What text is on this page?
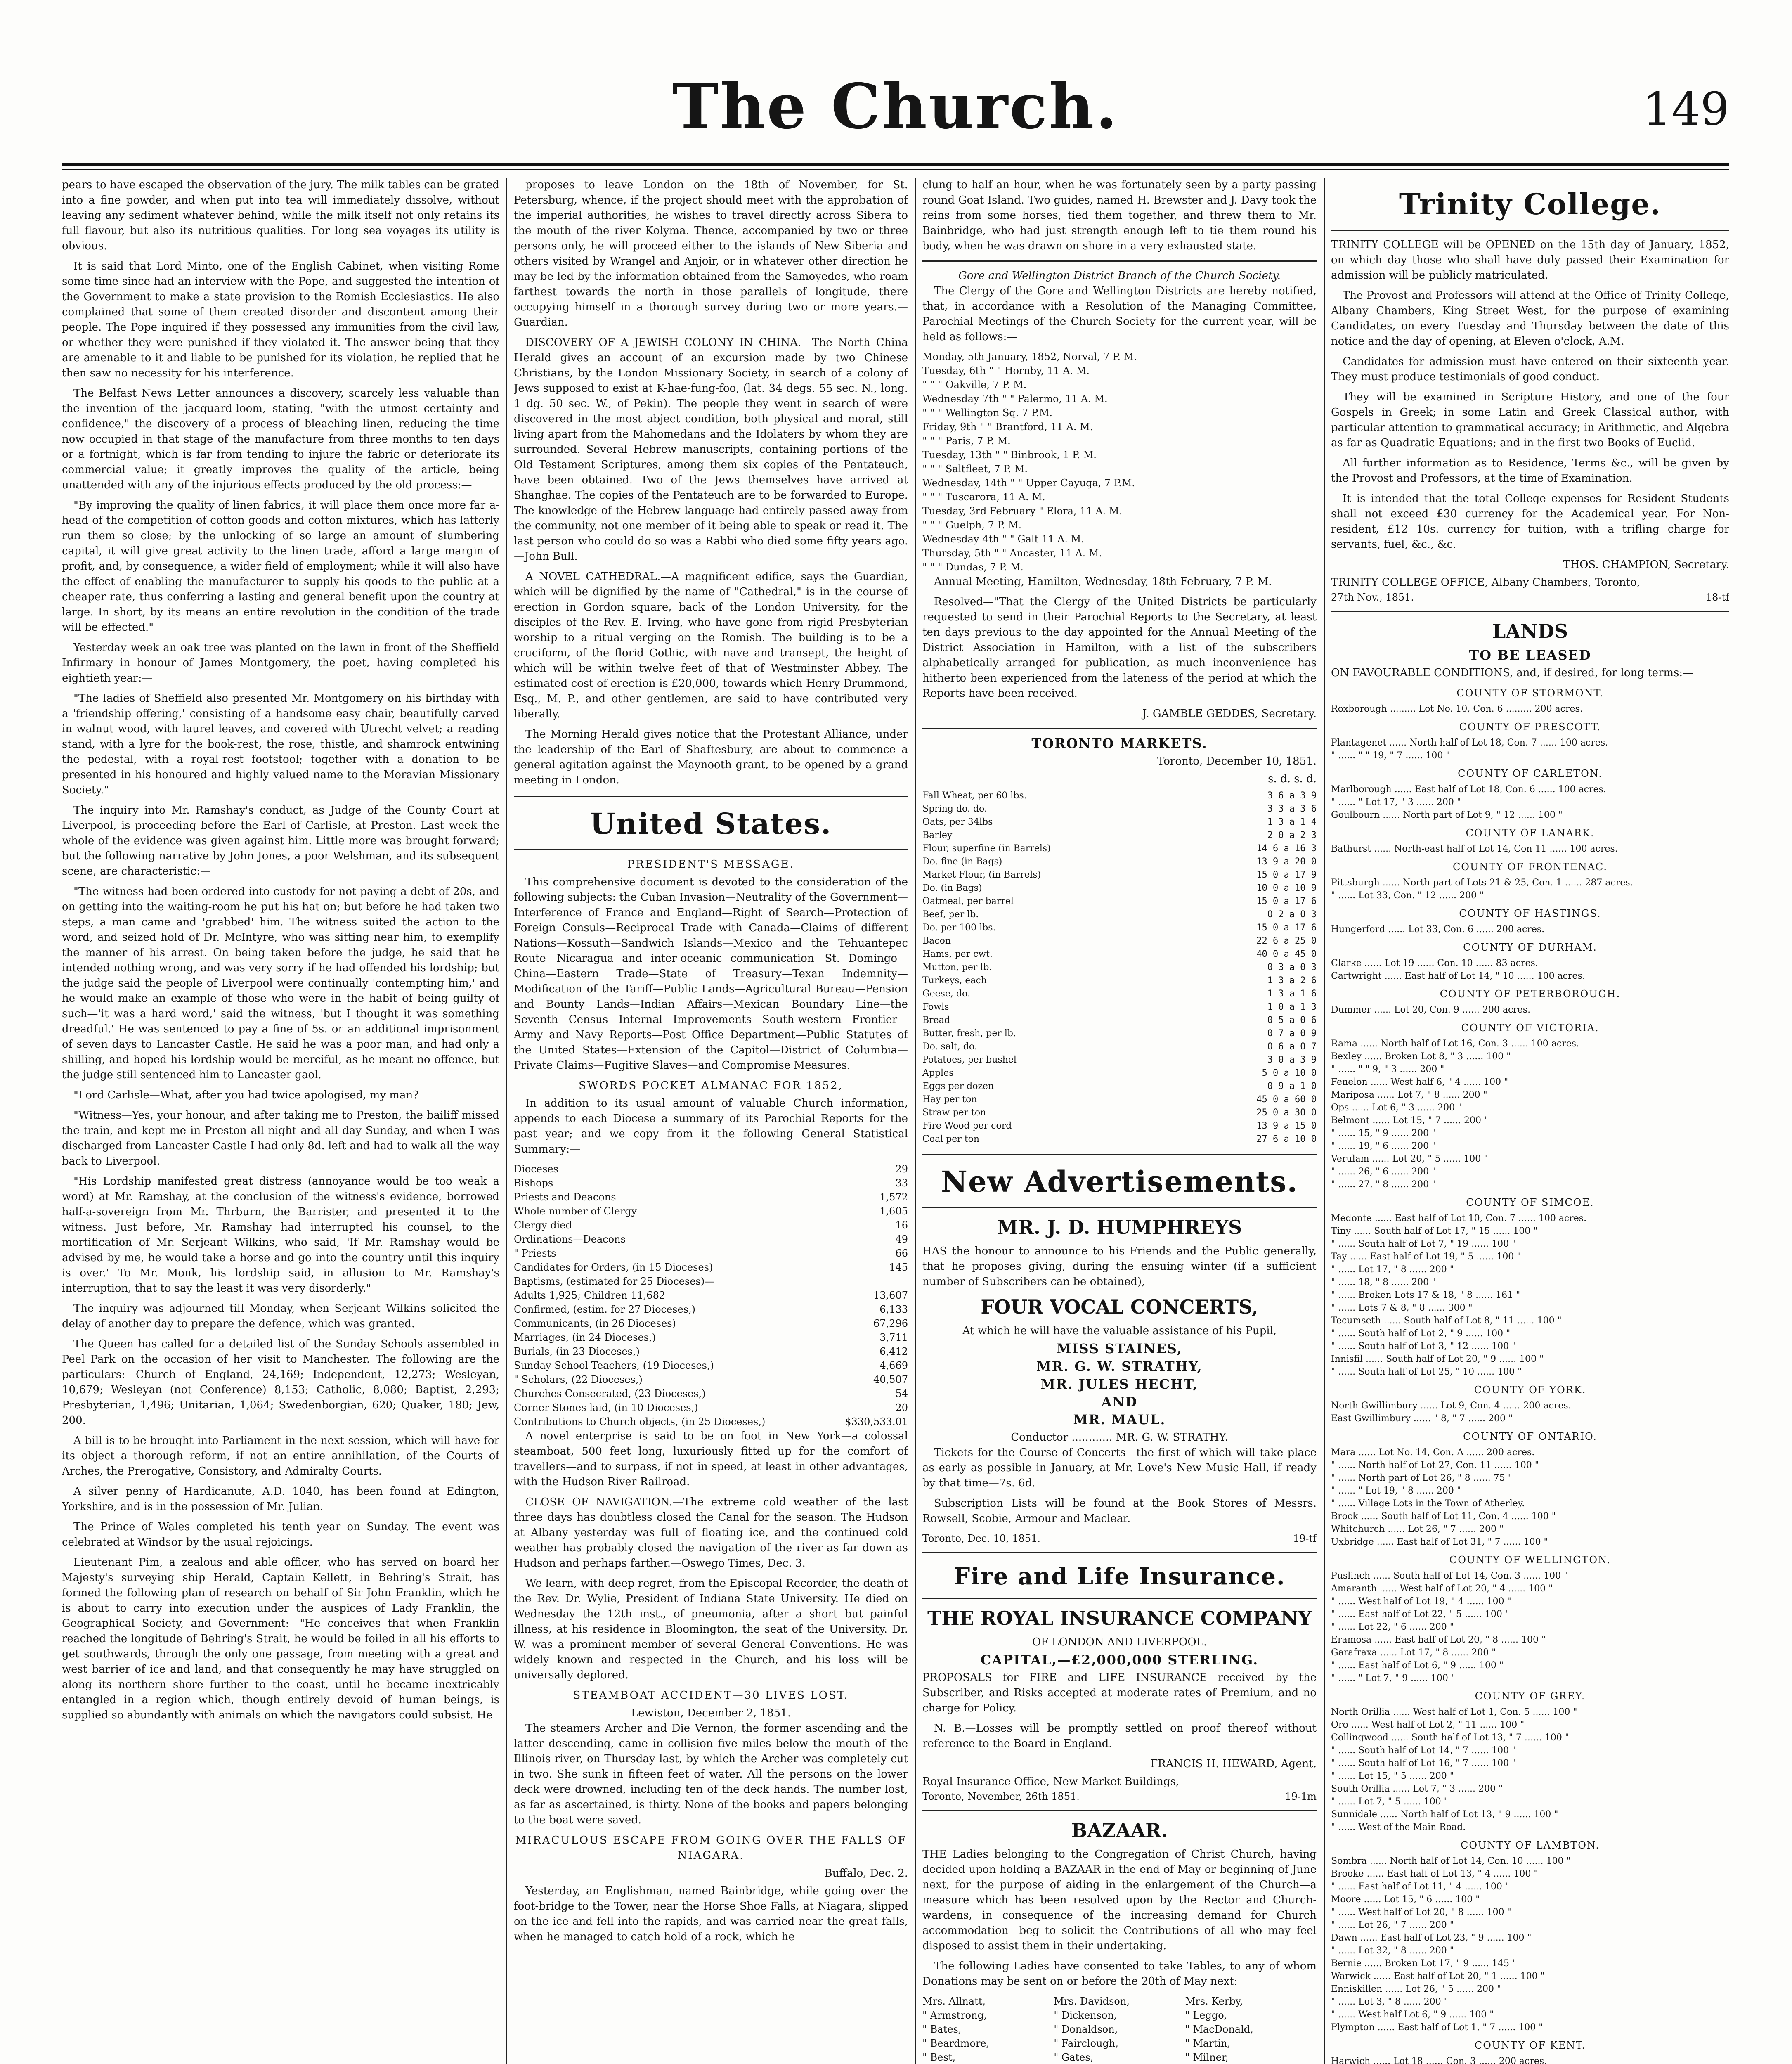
The Church.	149

pears to have escaped the observation of the jury. The milk tables can be grated into a fine powder, and when put into tea will immediately dissolve, without leaving any sediment whatever behind, while the milk itself not only retains its full flavour, but also its nutritious qualities. For long sea voyages its utility is obvious.

It is said that Lord Minto, one of the English Cabinet, when visiting Rome some time since had an interview with the Pope, and suggested the intention of the Government to make a state provision to the Romish Ecclesiastics. He also complained that some of them created disorder and discontent among their people. The Pope inquired if they possessed any immunities from the civil law, or whether they were punished if they violated it. The answer being that they are amenable to it and liable to be punished for its violation, he replied that he then saw no necessity for his interference.

The Belfast News Letter announces a discovery, scarcely less valuable than the invention of the jacquard-loom, stating, "with the utmost certainty and confidence," the discovery of a process of bleaching linen, reducing the time now occupied in that stage of the manufacture from three months to ten days or a fortnight, which is far from tending to injure the fabric or deteriorate its commercial value; it greatly improves the quality of the article, being unattended with any of the injurious effects produced by the old process:—

"By improving the quality of linen fabrics, it will place them once more far a-head of the competition of cotton goods and cotton mixtures, which has latterly run them so close; by the unlocking of so large an amount of slumbering capital, it will give great activity to the linen trade, afford a large margin of profit, and, by consequence, a wider field of employment; while it will also have the effect of enabling the manufacturer to supply his goods to the public at a cheaper rate, thus conferring a lasting and general benefit upon the country at large. In short, by its means an entire revolution in the condition of the trade will be effected."

Yesterday week an oak tree was planted on the lawn in front of the Sheffield Infirmary in honour of James Montgomery, the poet, having completed his eightieth year:—

"The ladies of Sheffield also presented Mr. Montgomery on his birthday with a 'friendship offering,' consisting of a handsome easy chair, beautifully carved in walnut wood, with laurel leaves, and covered with Utrecht velvet; a reading stand, with a lyre for the book-rest, the rose, thistle, and shamrock entwining the pedestal, with a royal-rest footstool; together with a donation to be presented in his honoured and highly valued name to the Moravian Missionary Society."

The inquiry into Mr. Ramshay's conduct, as Judge of the County Court at Liverpool, is proceeding before the Earl of Carlisle, at Preston. Last week the whole of the evidence was given against him. Little more was brought forward; but the following narrative by John Jones, a poor Welshman, and its subsequent scene, are characteristic:—

"The witness had been ordered into custody for not paying a debt of 20s, and on getting into the waiting-room he put his hat on; but before he had taken two steps, a man came and 'grabbed' him. The witness suited the action to the word, and seized hold of Dr. McIntyre, who was sitting near him, to exemplify the manner of his arrest. On being taken before the judge, he said that he intended nothing wrong, and was very sorry if he had offended his lordship; but the judge said the people of Liverpool were continually 'contempting him,' and he would make an example of those who were in the habit of being guilty of such—'it was a hard word,' said the witness, 'but I thought it was something dreadful.' He was sentenced to pay a fine of 5s. or an additional imprisonment of seven days to Lancaster Castle. He said he was a poor man, and had only a shilling, and hoped his lordship would be merciful, as he meant no offence, but the judge still sentenced him to Lancaster gaol.

"Lord Carlisle—What, after you had twice apologised, my man?

"Witness—Yes, your honour, and after taking me to Preston, the bailiff missed the train, and kept me in Preston all night and all day Sunday, and when I was discharged from Lancaster Castle I had only 8d. left and had to walk all the way back to Liverpool.

"His Lordship manifested great distress (annoyance would be too weak a word) at Mr. Ramshay, at the conclusion of the witness's evidence, borrowed half-a-sovereign from Mr. Thrburn, the Barrister, and presented it to the witness. Just before, Mr. Ramshay had interrupted his counsel, to the mortification of Mr. Serjeant Wilkins, who said, 'If Mr. Ramshay would be advised by me, he would take a horse and go into the country until this inquiry is over.' To Mr. Monk, his lordship said, in allusion to Mr. Ramshay's interruption, that to say the least it was very disorderly."

The inquiry was adjourned till Monday, when Serjeant Wilkins solicited the delay of another day to prepare the defence, which was granted.

The Queen has called for a detailed list of the Sunday Schools assembled in Peel Park on the occasion of her visit to Manchester. The following are the particulars:—Church of England, 24,169; Independent, 12,273; Wesleyan, 10,679; Wesleyan (not Conference) 8,153; Catholic, 8,080; Baptist, 2,293; Presbyterian, 1,496; Unitarian, 1,064; Swedenborgian, 620; Quaker, 180; Jew, 200.

A bill is to be brought into Parliament in the next session, which will have for its object a thorough reform, if not an entire annihilation, of the Courts of Arches, the Prerogative, Consistory, and Admiralty Courts.

A silver penny of Hardicanute, A.D. 1040, has been found at Edington, Yorkshire, and is in the possession of Mr. Julian.

The Prince of Wales completed his tenth year on Sunday. The event was celebrated at Windsor by the usual rejoicings.

Lieutenant Pim, a zealous and able officer, who has served on board her Majesty's surveying ship Herald, Captain Kellett, in Behring's Strait, has formed the following plan of research on behalf of Sir John Franklin, which he is about to carry into execution under the auspices of Lady Franklin, the Geographical Society, and Government:—"He conceives that when Franklin reached the longitude of Behring's Strait, he would be foiled in all his efforts to get southwards, through the only one passage, from meeting with a great and west barrier of ice and land, and that consequently he may have struggled on along its northern shore further to the coast, until he became inextricably entangled in a region which, though entirely devoid of human beings, is supplied so abundantly with animals on which the navigators could subsist. He

proposes to leave London on the 18th of November, for St. Petersburg, whence, if the project should meet with the approbation of the imperial authorities, he wishes to travel directly across Sibera to the mouth of the river Kolyma. Thence, accompanied by two or three persons only, he will proceed either to the islands of New Siberia and others visited by Wrangel and Anjoir, or in whatever other direction he may be led by the information obtained from the Samoyedes, who roam farthest towards the north in those parallels of longitude, there occupying himself in a thorough survey during two or more years.—Guardian.

DISCOVERY OF A JEWISH COLONY IN CHINA.—The North China Herald gives an account of an excursion made by two Chinese Christians, by the London Missionary Society, in search of a colony of Jews supposed to exist at K-hae-fung-foo, (lat. 34 degs. 55 sec. N., long. 1 dg. 50 sec. W., of Pekin). The people they went in search of were discovered in the most abject condition, both physical and moral, still living apart from the Mahomedans and the Idolaters by whom they are surrounded. Several Hebrew manuscripts, containing portions of the Old Testament Scriptures, among them six copies of the Pentateuch, have been obtained. Two of the Jews themselves have arrived at Shanghae. The copies of the Pentateuch are to be forwarded to Europe. The knowledge of the Hebrew language had entirely passed away from the community, not one member of it being able to speak or read it. The last person who could do so was a Rabbi who died some fifty years ago.—John Bull.

A NOVEL CATHEDRAL.—A magnificent edifice, says the Guardian, which will be dignified by the name of "Cathedral," is in the course of erection in Gordon square, back of the London University, for the disciples of the Rev. E. Irving, who have gone from rigid Presbyterian worship to a ritual verging on the Romish. The building is to be a cruciform, of the florid Gothic, with nave and transept, the height of which will be within twelve feet of that of Westminster Abbey. The estimated cost of erection is £20,000, towards which Henry Drummond, Esq., M. P., and other gentlemen, are said to have contributed very liberally.

The Morning Herald gives notice that the Protestant Alliance, under the leadership of the Earl of Shaftesbury, are about to commence a general agitation against the Maynooth grant, to be opened by a grand meeting in London.

United States.
PRESIDENT'S MESSAGE.

This comprehensive document is devoted to the consideration of the following subjects: the Cuban Invasion—Neutrality of the Government—Interference of France and England—Right of Search—Protection of Foreign Consuls—Reciprocal Trade with Canada—Claims of different Nations—Kossuth—Sandwich Islands—Mexico and the Tehuantepec Route—Nicaragua and inter-oceanic communication—St. Domingo—China—Eastern Trade—State of Treasury—Texan Indemnity—Modification of the Tariff—Public Lands—Agricultural Bureau—Pension and Bounty Lands—Indian Affairs—Mexican Boundary Line—the Seventh Census—Internal Improvements—South-western Frontier—Army and Navy Reports—Post Office Department—Public Statutes of the United States—Extension of the Capitol—District of Columbia—Private Claims—Fugitive Slaves—and Compromise Measures.

SWORDS POCKET ALMANAC FOR 1852,

In addition to its usual amount of valuable Church information, appends to each Diocese a summary of its Parochial Reports for the past year; and we copy from it the following General Statistical Summary:—

Dioceses	29
Bishops	33
Priests and Deacons	1,572
Whole number of Clergy	1,605
Clergy died	16
Ordinations—Deacons	49
" Priests	66
Candidates for Orders, (in 15 Dioceses)	145
Baptisms, (estimated for 25 Dioceses)—
Adults 1,925; Children 11,682	13,607
Confirmed, (estim. for 27 Dioceses,)	6,133
Communicants, (in 26 Dioceses)	67,296
Marriages, (in 24 Dioceses,)	3,711
Burials, (in 23 Dioceses,)	6,412
Sunday School Teachers, (19 Dioceses,)	4,669
" Scholars, (22 Dioceses,)	40,507
Churches Consecrated, (23 Dioceses,)	54
Corner Stones laid, (in 10 Dioceses,)	20
Contributions to Church objects, (in 25 Dioceses,)	$330,533.01

A novel enterprise is said to be on foot in New York—a colossal steamboat, 500 feet long, luxuriously fitted up for the comfort of travellers—and to surpass, if not in speed, at least in other advantages, with the Hudson River Railroad.

CLOSE OF NAVIGATION.—The extreme cold weather of the last three days has doubtless closed the Canal for the season. The Hudson at Albany yesterday was full of floating ice, and the continued cold weather has probably closed the navigation of the river as far down as Hudson and perhaps farther.—Oswego Times, Dec. 3.

We learn, with deep regret, from the Episcopal Recorder, the death of the Rev. Dr. Wylie, President of Indiana State University. He died on Wednesday the 12th inst., of pneumonia, after a short but painful illness, at his residence in Bloomington, the seat of the University. Dr. W. was a prominent member of several General Conventions. He was widely known and respected in the Church, and his loss will be universally deplored.

STEAMBOAT ACCIDENT—30 LIVES LOST.
Lewiston, December 2, 1851.

The steamers Archer and Die Vernon, the former ascending and the latter descending, came in collision five miles below the mouth of the Illinois river, on Thursday last, by which the Archer was completely cut in two. She sunk in fifteen feet of water. All the persons on the lower deck were drowned, including ten of the deck hands. The number lost, as far as ascertained, is thirty. None of the books and papers belonging to the boat were saved.

MIRACULOUS ESCAPE FROM GOING OVER THE FALLS OF NIAGARA.
Buffalo, Dec. 2.

Yesterday, an Englishman, named Bainbridge, while going over the foot-bridge to the Tower, near the Horse Shoe Falls, at Niagara, slipped on the ice and fell into the rapids, and was carried near the great falls, when he managed to catch hold of a rock, which he

clung to half an hour, when he was fortunately seen by a party passing round Goat Island. Two guides, named H. Brewster and J. Davy took the reins from some horses, tied them together, and threw them to Mr. Bainbridge, who had just strength enough left to tie them round his body, when he was drawn on shore in a very exhausted state.

Gore and Wellington District Branch of the Church Society.

The Clergy of the Gore and Wellington Districts are hereby notified, that, in accordance with a Resolution of the Managing Committee, Parochial Meetings of the Church Society for the current year, will be held as follows:—

Monday, 5th January, 1852, Norval, 7 P. M.
Tuesday, 6th " " Hornby, 11 A. M.
" " " Oakville, 7 P. M.
Wednesday 7th " " Palermo, 11 A. M.
" " " Wellington Sq. 7 P.M.
Friday, 9th " " Brantford, 11 A. M.
" " " Paris, 7 P. M.
Tuesday, 13th " " Binbrook, 1 P. M.
" " " Saltfleet, 7 P. M.
Wednesday, 14th " " Upper Cayuga, 7 P.M.
" " " Tuscarora, 11 A. M.
Tuesday, 3rd February " Elora, 11 A. M.
" " " Guelph, 7 P. M.
Wednesday 4th " " Galt 11 A. M.
Thursday, 5th " " Ancaster, 11 A. M.
" " " Dundas, 7 P. M.

Annual Meeting, Hamilton, Wednesday, 18th February, 7 P. M.

Resolved—"That the Clergy of the United Districts be particularly requested to send in their Parochial Reports to the Secretary, at least ten days previous to the day appointed for the Annual Meeting of the District Association in Hamilton, with a list of the subscribers alphabetically arranged for publication, as much inconvenience has hitherto been experienced from the lateness of the period at which the Reports have been received.

J. GAMBLE GEDDES, Secretary.
TORONTO MARKETS.
Toronto, December 10, 1851.
s. d. s. d.
Fall Wheat, per 60 lbs.	3 6 a 3 9
Spring do. do.	3 3 a 3 6
Oats, per 34lbs	1 3 a 1 4
Barley	2 0 a 2 3
Flour, superfine (in Barrels)	14 6 a 16 3
Do. fine (in Bags)	13 9 a 20 0
Market Flour, (in Barrels)	15 0 a 17 9
Do. (in Bags)	10 0 a 10 9
Oatmeal, per barrel	15 0 a 17 6
Beef, per lb.	0 2 a 0 3
Do. per 100 lbs.	15 0 a 17 6
Bacon	22 6 a 25 0
Hams, per cwt.	40 0 a 45 0
Mutton, per lb.	0 3 a 0 3
Turkeys, each	1 3 a 2 6
Geese, do.	1 3 a 1 6
Fowls	1 0 a 1 3
Bread	0 5 a 0 6
Butter, fresh, per lb.	0 7 a 0 9
Do. salt, do.	0 6 a 0 7
Potatoes, per bushel	3 0 a 3 9
Apples	5 0 a 10 0
Eggs per dozen	0 9 a 1 0
Hay per ton	45 0 a 60 0
Straw per ton	25 0 a 30 0
Fire Wood per cord	13 9 a 15 0
Coal per ton	27 6 a 10 0
New Advertisements.
MR. J. D. HUMPHREYS

HAS the honour to announce to his Friends and the Public generally, that he proposes giving, during the ensuing winter (if a sufficient number of Subscribers can be obtained),

FOUR VOCAL CONCERTS,
At which he will have the valuable assistance of his Pupil,
MISS STAINES,
MR. G. W. STRATHY,
MR. JULES HECHT,
AND
MR. MAUL.
Conductor ............ MR. G. W. STRATHY.

Tickets for the Course of Concerts—the first of which will take place as early as possible in January, at Mr. Love's New Music Hall, if ready by that time—7s. 6d.

Subscription Lists will be found at the Book Stores of Messrs. Rowsell, Scobie, Armour and Maclear.

Toronto, Dec. 10, 1851.	19-tf
Fire and Life Insurance.
THE ROYAL INSURANCE COMPANY
OF LONDON AND LIVERPOOL.
CAPITAL,—£2,000,000 STERLING.

PROPOSALS for FIRE and LIFE INSURANCE received by the Subscriber, and Risks accepted at moderate rates of Premium, and no charge for Policy.

N. B.—Losses will be promptly settled on proof thereof without reference to the Board in England.

FRANCIS H. HEWARD, Agent.
Royal Insurance Office, New Market Buildings,
Toronto, November, 26th 1851.	19-1m
BAZAAR.

THE Ladies belonging to the Congregation of Christ Church, having decided upon holding a BAZAAR in the end of May or beginning of June next, for the purpose of aiding in the enlargement of the Church—a measure which has been resolved upon by the Rector and Church-wardens, in consequence of the increasing demand for Church accommodation—beg to solicit the Contributions of all who may feel disposed to assist them in their undertaking.

The following Ladies have consented to take Tables, to any of whom Donations may be sent on or before the 20th of May next:

Mrs. Allnatt,	Mrs. Davidson,	Mrs. Kerby,
" Armstrong,	" Dickenson,	" Leggo,
" Bates,	" Donaldson,	" MacDonald,
" Beardmore,	" Fairclough,	" Martin,
" Best,	" Gates,	" Milner,

Trinity College.

TRINITY COLLEGE will be OPENED on the 15th day of January, 1852, on which day those who shall have duly passed their Examination for admission will be publicly matriculated.

The Provost and Professors will attend at the Office of Trinity College, Albany Chambers, King Street West, for the purpose of examining Candidates, on every Tuesday and Thursday between the date of this notice and the day of opening, at Eleven o'clock, A.M.

Candidates for admission must have entered on their sixteenth year. They must produce testimonials of good conduct.

They will be examined in Scripture History, and one of the four Gospels in Greek; in some Latin and Greek Classical author, with particular attention to grammatical accuracy; in Arithmetic, and Algebra as far as Quadratic Equations; and in the first two Books of Euclid.

All further information as to Residence, Terms &c., will be given by the Provost and Professors, at the time of Examination.

It is intended that the total College expenses for Resident Students shall not exceed £30 currency for the Academical year. For Non-resident, £12 10s. currency for tuition, with a trifling charge for servants, fuel, &c., &c.

THOS. CHAMPION, Secretary.
TRINITY COLLEGE OFFICE, Albany Chambers, Toronto,
27th Nov., 1851.	18-tf
LANDS
TO BE LEASED

ON FAVOURABLE CONDITIONS, and, if desired, for long terms:—

COUNTY OF STORMONT.
Roxborough ......... Lot No. 10, Con. 6 ......... 200 acres.
COUNTY OF PRESCOTT.
Plantagenet ...... North half of Lot 18, Con. 7 ...... 100 acres.
" ...... " " 19, " 7 ...... 100 "
COUNTY OF CARLETON.
Marlborough ...... East half of Lot 18, Con. 6 ...... 100 acres.
" ...... " Lot 17, " 3 ...... 200 "
Goulbourn ...... North part of Lot 9, " 12 ...... 100 "
COUNTY OF LANARK.
Bathurst ...... North-east half of Lot 14, Con 11 ...... 100 acres.
COUNTY OF FRONTENAC.
Pittsburgh ...... North part of Lots 21 & 25, Con. 1 ...... 287 acres.
" ...... Lot 33, Con. " 12 ...... 200 "
COUNTY OF HASTINGS.
Hungerford ...... Lot 33, Con. 6 ...... 200 acres.
COUNTY OF DURHAM.
Clarke ...... Lot 19 ...... Con. 10 ...... 83 acres.
Cartwright ...... East half of Lot 14, " 10 ...... 100 acres.
COUNTY OF PETERBOROUGH.
Dummer ...... Lot 20, Con. 9 ...... 200 acres.
COUNTY OF VICTORIA.
Rama ...... North half of Lot 16, Con. 3 ...... 100 acres.
Bexley ...... Broken Lot 8, " 3 ...... 100 "
" ...... " " 9, " 3 ...... 200 "
Fenelon ...... West half 6, " 4 ...... 100 "
Mariposa ...... Lot 7, " 8 ...... 200 "
Ops ...... Lot 6, " 3 ...... 200 "
Belmont ...... Lot 15, " 7 ...... 200 "
" ...... 15, " 9 ...... 200 "
" ...... 19, " 6 ...... 200 "
Verulam ...... Lot 20, " 5 ...... 100 "
" ...... 26, " 6 ...... 200 "
" ...... 27, " 8 ...... 200 "
COUNTY OF SIMCOE.
Medonte ...... East half of Lot 10, Con. 7 ...... 100 acres.
Tiny ...... South half of Lot 17, " 15 ...... 100 "
" ...... South half of Lot 7, " 19 ...... 100 "
Tay ...... East half of Lot 19, " 5 ...... 100 "
" ...... Lot 17, " 8 ...... 200 "
" ...... 18, " 8 ...... 200 "
" ...... Broken Lots 17 & 18, " 8 ...... 161 "
" ...... Lots 7 & 8, " 8 ...... 300 "
Tecumseth ...... South half of Lot 8, " 11 ...... 100 "
" ...... South half of Lot 2, " 9 ...... 100 "
" ...... South half of Lot 3, " 12 ...... 100 "
Innisfil ...... South half of Lot 20, " 9 ...... 100 "
" ...... South half of Lot 25, " 10 ...... 100 "
COUNTY OF YORK.
North Gwillimbury ...... Lot 9, Con. 4 ...... 200 acres.
East Gwillimbury ...... " 8, " 7 ...... 200 "
COUNTY OF ONTARIO.
Mara ...... Lot No. 14, Con. A ...... 200 acres.
" ...... North half of Lot 27, Con. 11 ...... 100 "
" ...... North part of Lot 26, " 8 ...... 75 "
" ...... " Lot 19, " 8 ...... 200 "
" ...... Village Lots in the Town of Atherley.
Brock ...... South half of Lot 11, Con. 4 ...... 100 "
Whitchurch ...... Lot 26, " 7 ...... 200 "
Uxbridge ...... East half of Lot 31, " 7 ...... 100 "
COUNTY OF WELLINGTON.
Puslinch ...... South half of Lot 14, Con. 3 ...... 100 "
Amaranth ...... West half of Lot 20, " 4 ...... 100 "
" ...... West half of Lot 19, " 4 ...... 100 "
" ...... East half of Lot 22, " 5 ...... 100 "
" ...... Lot 22, " 6 ...... 200 "
Eramosa ...... East half of Lot 20, " 8 ...... 100 "
Garafraxa ...... Lot 17, " 8 ...... 200 "
" ...... East half of Lot 6, " 9 ...... 100 "
" ...... " Lot 7, " 9 ...... 100 "
COUNTY OF GREY.
North Orillia ...... West half of Lot 1, Con. 5 ...... 100 "
Oro ...... West half of Lot 2, " 11 ...... 100 "
Collingwood ...... South half of Lot 13, " 7 ...... 100 "
" ...... South half of Lot 14, " 7 ...... 100 "
" ...... South half of Lot 16, " 7 ...... 100 "
" ...... Lot 15, " 5 ...... 200 "
South Orillia ...... Lot 7, " 3 ...... 200 "
" ...... Lot 7, " 5 ...... 100 "
Sunnidale ...... North half of Lot 13, " 9 ...... 100 "
" ...... West of the Main Road.
COUNTY OF LAMBTON.
Sombra ...... North half of Lot 14, Con. 10 ...... 100 "
Brooke ...... East half of Lot 13, " 4 ...... 100 "
" ...... East half of Lot 11, " 4 ...... 100 "
Moore ...... Lot 15, " 6 ...... 100 "
" ...... West half of Lot 20, " 8 ...... 100 "
" ...... Lot 26, " 7 ...... 200 "
Dawn ...... East half of Lot 23, " 9 ...... 100 "
" ...... Lot 32, " 8 ...... 200 "
Bernie ...... Broken Lot 17, " 9 ...... 145 "
Warwick ...... East half of Lot 20, " 1 ...... 100 "
Enniskillen ...... Lot 26, " 5 ...... 200 "
" ...... Lot 3, " 8 ...... 200 "
" ...... West half Lot 6, " 9 ...... 100 "
Plympton ...... East half of Lot 1, " 7 ...... 100 "
COUNTY OF KENT.
Harwich ...... Lot 18 ...... Con. 3 ...... 200 acres.
